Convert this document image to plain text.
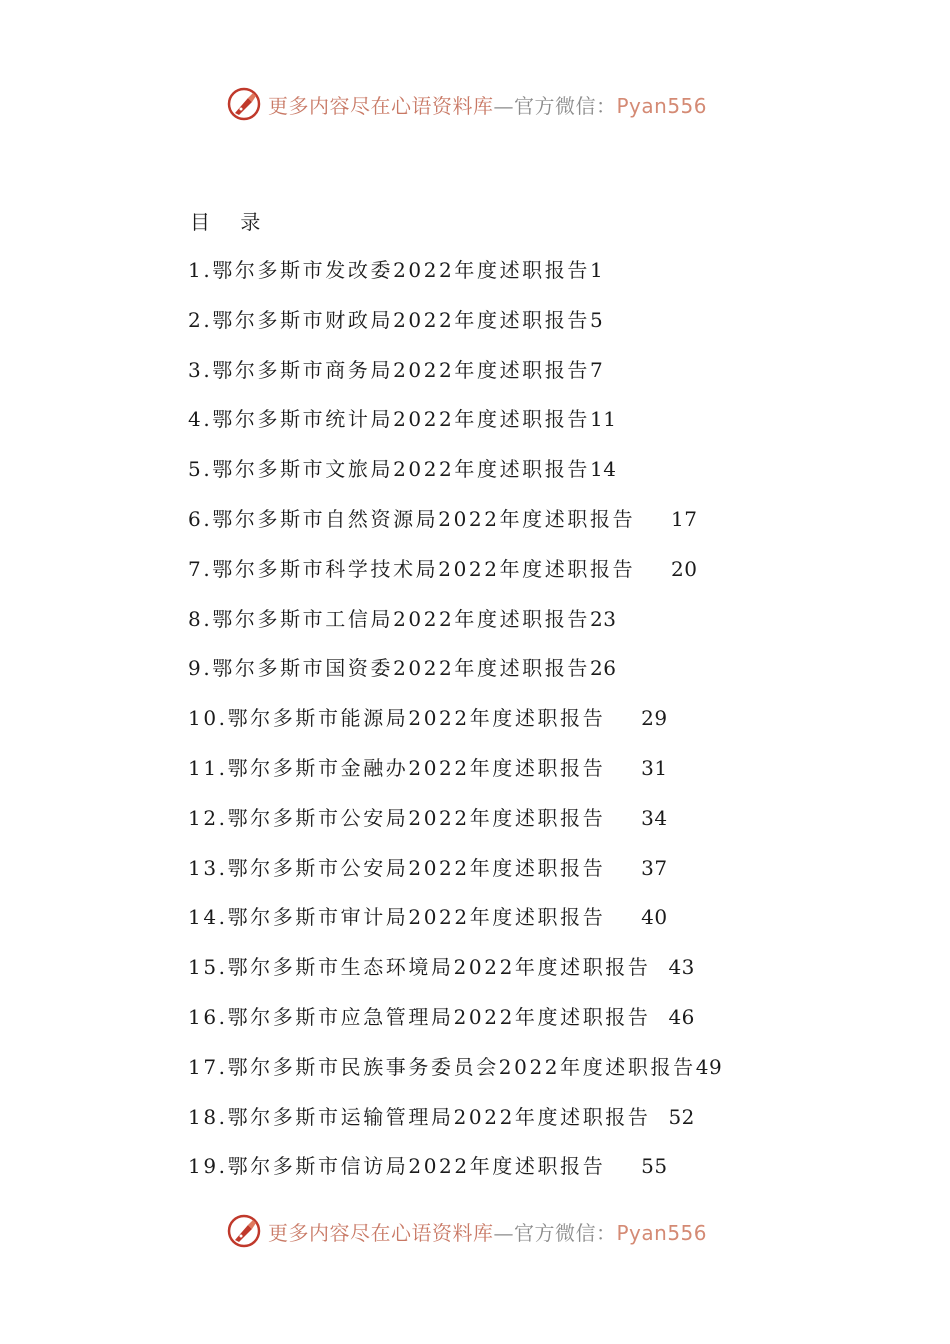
更多内容尽在心语资料库—官方微信：Pyan556
目    录
1.鄂尔多斯市发改委2022年度述职报告1
2.鄂尔多斯市财政局2022年度述职报告5
3.鄂尔多斯市商务局2022年度述职报告7
4.鄂尔多斯市统计局2022年度述职报告11
5.鄂尔多斯市文旅局2022年度述职报告14
6.鄂尔多斯市自然资源局2022年度述职报告 17
7.鄂尔多斯市科学技术局2022年度述职报告 20
8.鄂尔多斯市工信局2022年度述职报告23
9.鄂尔多斯市国资委2022年度述职报告26
10.鄂尔多斯市能源局2022年度述职报告 29
11.鄂尔多斯市金融办2022年度述职报告 31
12.鄂尔多斯市公安局2022年度述职报告 34
13.鄂尔多斯市公安局2022年度述职报告 37
14.鄂尔多斯市审计局2022年度述职报告 40
15.鄂尔多斯市生态环境局2022年度述职报告 43
16.鄂尔多斯市应急管理局2022年度述职报告 46
17.鄂尔多斯市民族事务委员会2022年度述职报告49
18.鄂尔多斯市运输管理局2022年度述职报告 52
19.鄂尔多斯市信访局2022年度述职报告 55
更多内容尽在心语资料库—官方微信：Pyan556
